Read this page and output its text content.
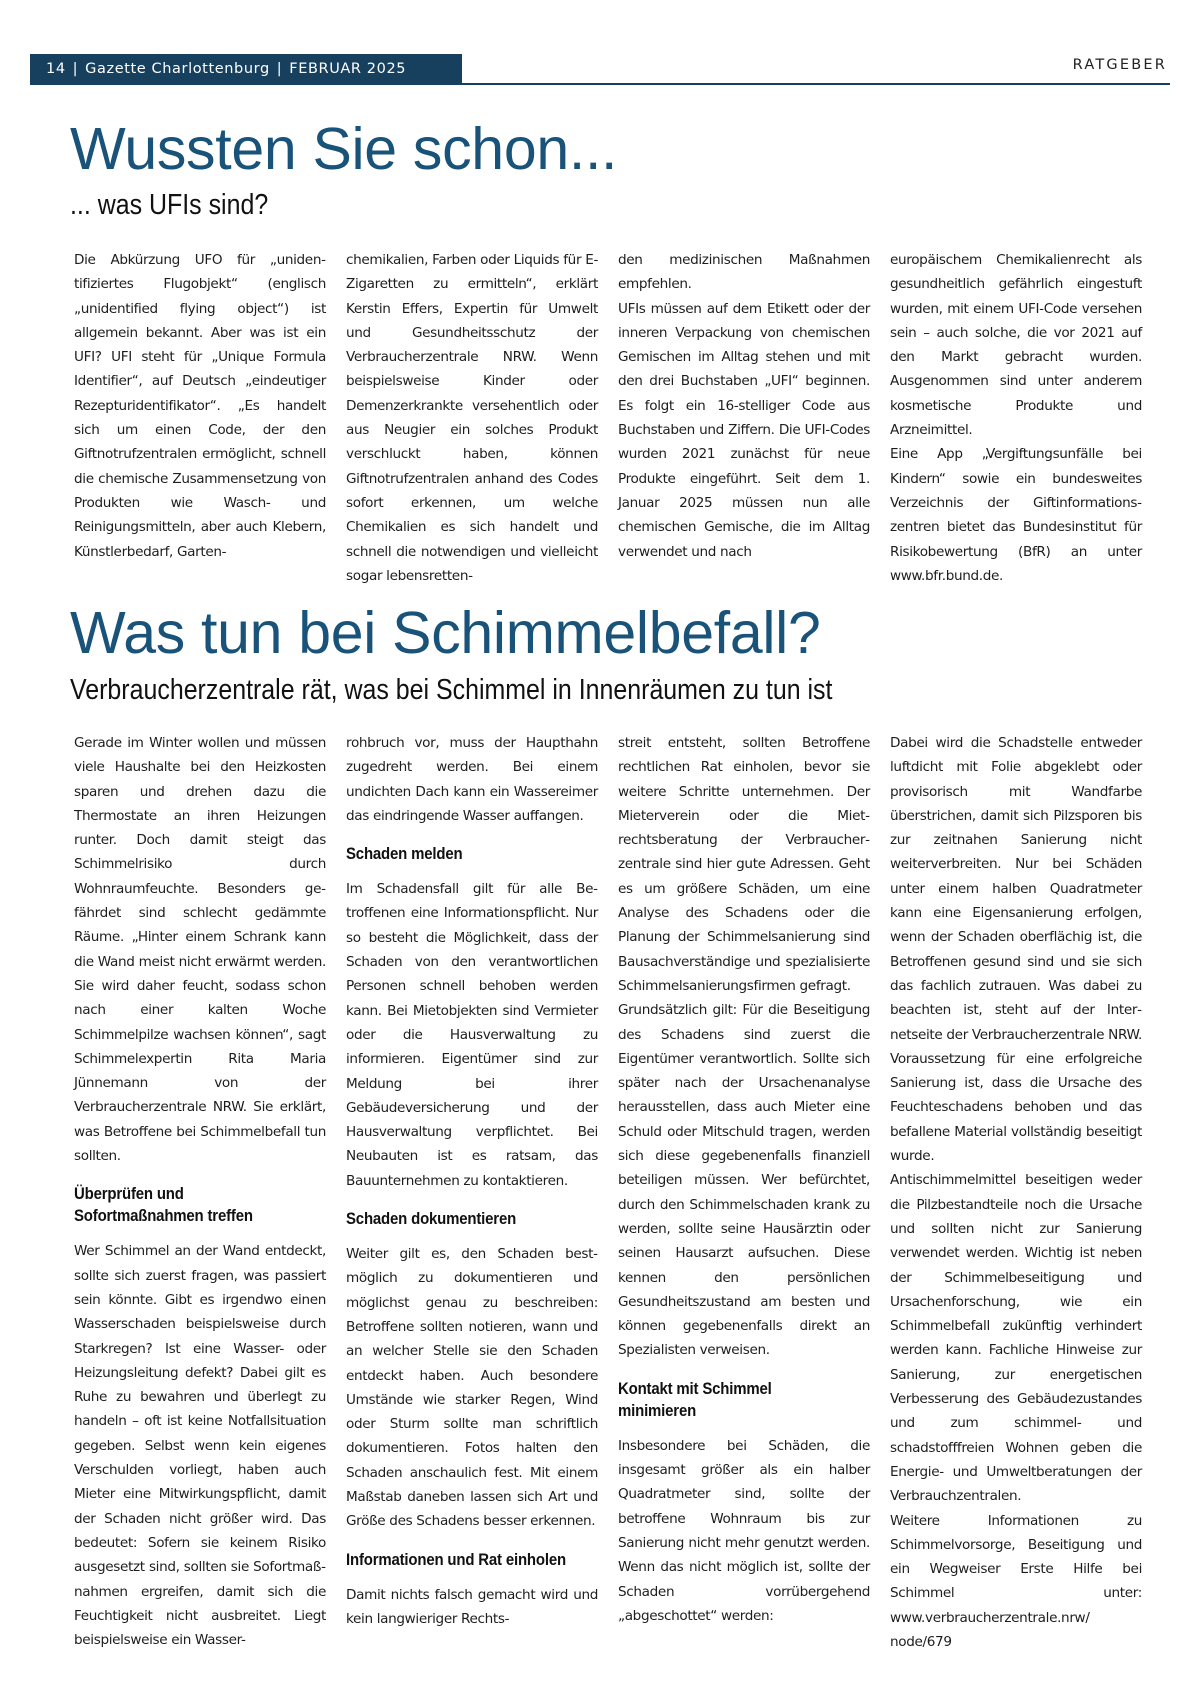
14 | Gazette Charlottenburg | FEBRUAR 2025	RATGEBER
Wussten Sie schon...
... was UFIs sind?

Die Abkürzung UFO für „unidentifiziertes Flugobjekt“ (englisch „unidentified flying object“) ist allgemein bekannt. Aber was ist ein UFI? UFI steht für „Unique Formula Identifier“, auf Deutsch „eindeutiger Rezepturidentifikator“. „Es handelt sich um einen Code, der den Giftnotrufzentralen ermöglicht, schnell die chemische Zusammensetzung von Produkten wie Wasch- und Reinigungsmitteln, aber auch Klebern, Künstlerbedarf, Garten-

chemikalien, Farben oder Liquids für E-Zigaretten zu ermitteln“, erklärt Kerstin Effers, Expertin für Umwelt und Gesundheitsschutz der Verbraucherzentrale NRW. Wenn beispielsweise Kinder oder Demenzerkrankte versehentlich oder aus Neugier ein solches Produkt verschluckt haben, können Giftnotrufzentralen anhand des Codes sofort erkennen, um welche Chemikalien es sich handelt und schnell die notwendigen und vielleicht sogar lebensretten-

den medizinischen Maßnahmen empfehlen.

UFIs müssen auf dem Etikett oder der inneren Verpackung von chemischen Gemischen im Alltag stehen und mit den drei Buchstaben „UFI“ beginnen. Es folgt ein 16-stelliger Code aus Buchstaben und Ziffern. Die UFI-Codes wurden 2021 zunächst für neue Produkte eingeführt. Seit dem 1. Januar 2025 müssen nun alle chemischen Gemische, die im Alltag verwendet und nach

europäischem Chemikalienrecht als gesundheitlich gefährlich eingestuft wurden, mit einem UFI-Code versehen sein – auch solche, die vor 2021 auf den Markt gebracht wurden. Ausgenommen sind unter anderem kosmetische Produkte und Arzneimittel.

Eine App „Vergiftungsunfälle bei Kindern“ sowie ein bundesweites Verzeichnis der Giftinformationszentren bietet das Bundesinstitut für Risikobewertung (BfR) an unter www.bfr.bund.de.

Was tun bei Schimmelbefall?
Verbraucherzentrale rät, was bei Schimmel in Innenräumen zu tun ist

Gerade im Winter wollen und müssen viele Haushalte bei den Heizkosten sparen und drehen dazu die Thermostate an ihren Heizungen runter. Doch damit steigt das Schimmelrisiko durch Wohnraumfeuchte. Besonders gefährdet sind schlecht gedämmte Räume. „Hinter einem Schrank kann die Wand meist nicht erwärmt werden. Sie wird daher feucht, sodass schon nach einer kalten Woche Schimmelpilze wachsen können“, sagt Schimmelexpertin Rita Maria Jünnemann von der Verbraucherzentrale NRW. Sie erklärt, was Betroffene bei Schimmelbefall tun sollten.

Überprüfen und Sofortmaßnahmen treffen

Wer Schimmel an der Wand entdeckt, sollte sich zuerst fragen, was passiert sein könnte. Gibt es irgendwo einen Wasserschaden beispielsweise durch Starkregen? Ist eine Wasser- oder Heizungsleitung defekt? Dabei gilt es Ruhe zu bewahren und überlegt zu handeln – oft ist keine Notfallsituation gegeben. Selbst wenn kein eigenes Verschulden vorliegt, haben auch Mieter eine Mitwirkungspflicht, damit der Schaden nicht größer wird. Das bedeutet: Sofern sie keinem Risiko ausgesetzt sind, sollten sie Sofortmaßnahmen ergreifen, damit sich die Feuchtigkeit nicht ausbreitet. Liegt beispielsweise ein Wasser-

rohbruch vor, muss der Haupthahn zugedreht werden. Bei einem undichten Dach kann ein Wassereimer das eindringende Wasser auffangen.

Schaden melden

Im Schadensfall gilt für alle Betroffenen eine Informationspflicht. Nur so besteht die Möglichkeit, dass der Schaden von den verantwortlichen Personen schnell behoben werden kann. Bei Mietobjekten sind Vermieter oder die Hausverwaltung zu informieren. Eigentümer sind zur Meldung bei ihrer Gebäudeversicherung und der Hausverwaltung verpflichtet. Bei Neubauten ist es ratsam, das Bauunternehmen zu kontaktieren.

Schaden dokumentieren

Weiter gilt es, den Schaden bestmöglich zu dokumentieren und möglichst genau zu beschreiben: Betroffene sollten notieren, wann und an welcher Stelle sie den Schaden entdeckt haben. Auch besondere Umstände wie starker Regen, Wind oder Sturm sollte man schriftlich dokumentieren. Fotos halten den Schaden anschaulich fest. Mit einem Maßstab daneben lassen sich Art und Größe des Schadens besser erkennen.

Informationen und Rat einholen

Damit nichts falsch gemacht wird und kein langwieriger Rechts-

streit entsteht, sollten Betroffene rechtlichen Rat einholen, bevor sie weitere Schritte unternehmen. Der Mieterverein oder die Mietrechtsberatung der Verbraucherzentrale sind hier gute Adressen. Geht es um größere Schäden, um eine Analyse des Schadens oder die Planung der Schimmelsanierung sind Bausachverständige und spezialisierte Schimmelsanierungsfirmen gefragt.

Grundsätzlich gilt: Für die Beseitigung des Schadens sind zuerst die Eigentümer verantwortlich. Sollte sich später nach der Ursachenanalyse herausstellen, dass auch Mieter eine Schuld oder Mitschuld tragen, werden sich diese gegebenenfalls finanziell beteiligen müssen. Wer befürchtet, durch den Schimmelschaden krank zu werden, sollte seine Hausärztin oder seinen Hausarzt aufsuchen. Diese kennen den persönlichen Gesundheitszustand am besten und können gegebenenfalls direkt an Spezialisten verweisen.

Kontakt mit Schimmel minimieren

Insbesondere bei Schäden, die insgesamt größer als ein halber Quadratmeter sind, sollte der betroffene Wohnraum bis zur Sanierung nicht mehr genutzt werden. Wenn das nicht möglich ist, sollte der Schaden vorrübergehend „abgeschottet“ werden:

Dabei wird die Schadstelle entweder luftdicht mit Folie abgeklebt oder provisorisch mit Wandfarbe überstrichen, damit sich Pilzsporen bis zur zeitnahen Sanierung nicht weiterverbreiten. Nur bei Schäden unter einem halben Quadratmeter kann eine Eigensanierung erfolgen, wenn der Schaden oberflächig ist, die Betroffenen gesund sind und sie sich das fachlich zutrauen. Was dabei zu beachten ist, steht auf der Internetseite der Verbraucherzentrale NRW. Voraussetzung für eine erfolgreiche Sanierung ist, dass die Ursache des Feuchteschadens behoben und das befallene Material vollständig beseitigt wurde.

Antischimmelmittel beseitigen weder die Pilzbestandteile noch die Ursache und sollten nicht zur Sanierung verwendet werden. Wichtig ist neben der Schimmelbeseitigung und Ursachenforschung, wie ein Schimmelbefall zukünftig verhindert werden kann. Fachliche Hinweise zur Sanierung, zur energetischen Verbesserung des Gebäudezustandes und zum schimmel- und schadstofffreien Wohnen geben die Energie- und Umweltberatungen der Verbrauchzentralen.

Weitere Informationen zu Schimmelvorsorge, Beseitigung und ein Wegweiser Erste Hilfe bei Schimmel unter: www.verbraucherzentrale.nrw/ node/679
